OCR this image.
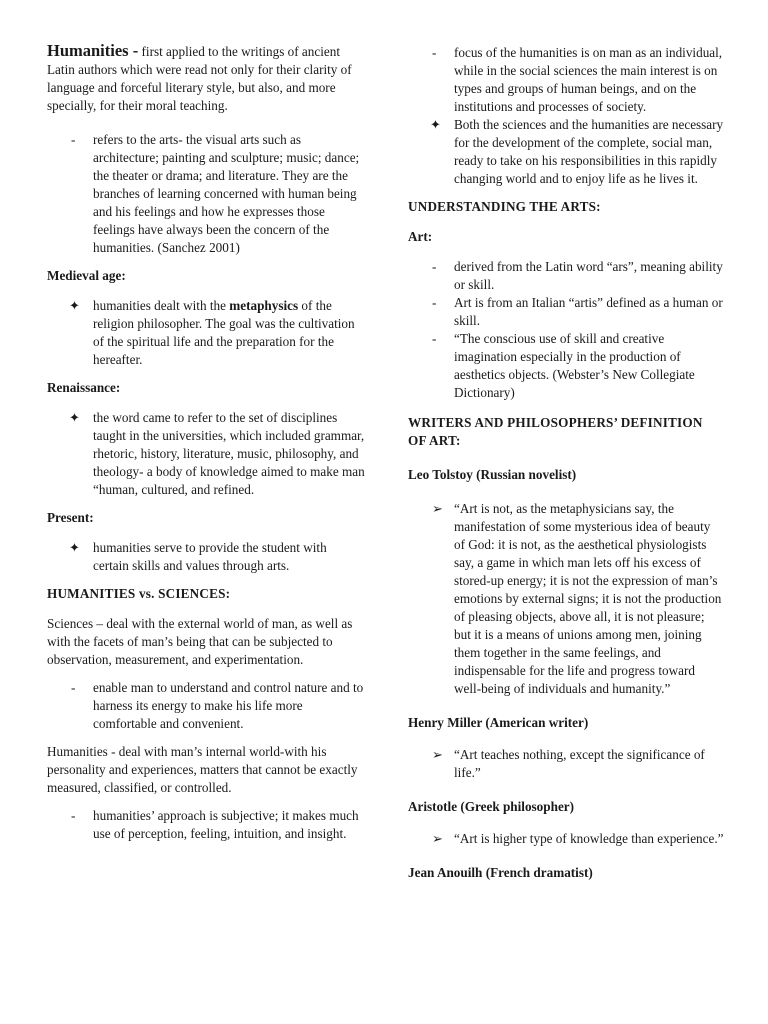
Humanities - first applied to the writings of ancient Latin authors which were read not only for their clarity of language and forceful literary style, but also, and more specially, for their moral teaching.

-	refers to the arts- the visual arts such as architecture; painting and sculpture; music; dance; the theater or drama; and literature. They are the branches of learning concerned with human being and his feelings and how he expresses those feelings have always been the concern of the humanities. (Sanchez 2001)
Medieval age:
✦ humanities dealt with the metaphysics of the religion philosopher. The goal was the cultivation of the spiritual life and the preparation for the hereafter.
Renaissance:
✦ the word came to refer to the set of disciplines taught in the universities, which included grammar, rhetoric, history, literature, music, philosophy, and theology- a body of knowledge aimed to make man “human, cultured, and refined.
Present:
✦ humanities serve to provide the student with certain skills and values through arts.
HUMANITIES vs. SCIENCES:

Sciences – deal with the external world of man, as well as with the facets of man’s being that can be subjected to observation, measurement, and experimentation.

-	enable man to understand and control nature and to harness its energy to make his life more comfortable and convenient.

Humanities - deal with man’s internal world-with his personality and experiences, matters that cannot be exactly measured, classified, or controlled.

-	humanities’ approach is subjective; it makes much use of perception, feeling, intuition, and insight.
-	focus of the humanities is on man as an individual, while in the social sciences the main interest is on types and groups of human beings, and on the institutions and processes of society.
✦ Both the sciences and the humanities are necessary for the development of the complete, social man, ready to take on his responsibilities in this rapidly changing world and to enjoy life as he lives it.
UNDERSTANDING THE ARTS:
Art:
-	derived from the Latin word “ars”, meaning ability or skill.
-	Art is from an Italian “artis” defined as a human or skill.
-	“The conscious use of skill and creative imagination especially in the production of aesthetics objects. (Webster’s New Collegiate Dictionary)
WRITERS AND PHILOSOPHERS’ DEFINITION OF ART:
Leo Tolstoy (Russian novelist)
➢ “Art is not, as the metaphysicians say, the manifestation of some mysterious idea of beauty of God: it is not, as the aesthetical physiologists say, a game in which man lets off his excess of stored-up energy; it is not the expression of man’s emotions by external signs; it is not the production of pleasing objects, above all, it is not pleasure; but it is a means of unions among men, joining them together in the same feelings, and indispensable for the life and progress toward well-being of individuals and humanity.”
Henry Miller (American writer)
➢ “Art teaches nothing, except the significance of life.”
Aristotle (Greek philosopher)
➢ “Art is higher type of knowledge than experience.”
Jean Anouilh (French dramatist)
